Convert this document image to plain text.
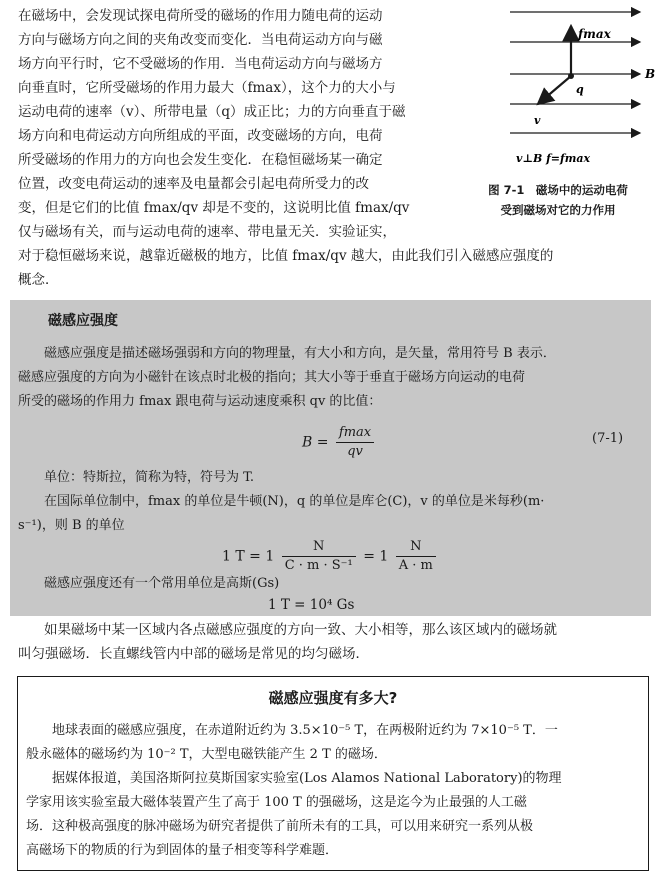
在磁场中，会发现试探电荷所受的磁场的作用力随电荷的运动
方向与磁场方向之间的夹角改变而变化．当电荷运动方向与磁
场方向平行时，它不受磁场的作用．当电荷运动方向与磁场方
向垂直时，它所受磁场的作用力最大（fmax），这个力的大小与
运动电荷的速率（v）、所带电量（q）成正比；力的方向垂直于磁
场方向和电荷运动方向所组成的平面，改变磁场的方向，电荷
所受磁场的作用力的方向也会发生变化．在稳恒磁场某一确定
位置，改变电荷运动的速率及电量都会引起电荷所受力的改
变，但是它们的比值 fmax/qv 却是不变的，这说明比值 fmax/qv
仅与磁场有关，而与运动电荷的速率、带电量无关．实验证实，
fmax
B
q
v
v⊥B f=fmax
图 7-1　磁场中的运动电荷
受到磁场对它的力作用
对于稳恒磁场来说，越靠近磁极的地方，比值 fmax/qv 越大，由此我们引入磁感应强度的
概念．
磁感应强度
磁感应强度是描述磁场强弱和方向的物理量，有大小和方向，是矢量，常用符号 B 表示．
磁感应强度的方向为小磁针在该点时北极的指向；其大小等于垂直于磁场方向运动的电荷
所受的磁场的作用力 fmax 跟电荷与运动速度乘积 qv 的比值：
$B = \frac{fmax}{qv}$	(7-1)
单位：特斯拉，简称为特，符号为 T.
在国际单位制中，fmax 的单位是牛顿(N)，q 的单位是库仑(C)，v 的单位是米每秒(m·
s⁻¹)，则 B 的单位
1 $T = 1 \frac{N}{\text{C · m · S⁻¹}} = 1 \frac{N}{A \cdot m}$
磁感应强度还有一个常用单位是高斯(Gs)
1 T = 10⁴ Gs
如果磁场中某一区域内各点磁感应强度的方向一致、大小相等，那么该区域内的磁场就
叫匀强磁场．长直螺线管内中部的磁场是常见的均匀磁场．
磁感应强度有多大?
地球表面的磁感应强度，在赤道附近约为 3.5×10⁻⁵ T，在两极附近约为 7×10⁻⁵ T．一
般永磁体的磁场约为 10⁻² T，大型电磁铁能产生 2 T 的磁场．
据媒体报道，美国洛斯阿拉莫斯国家实验室(Los Alamos National Laboratory)的物理
学家用该实验室最大磁体装置产生了高于 100 T 的强磁场，这是迄今为止最强的人工磁
场．这种极高强度的脉冲磁场为研究者提供了前所未有的工具，可以用来研究一系列从极
高磁场下的物质的行为到固体的量子相变等科学难题．
